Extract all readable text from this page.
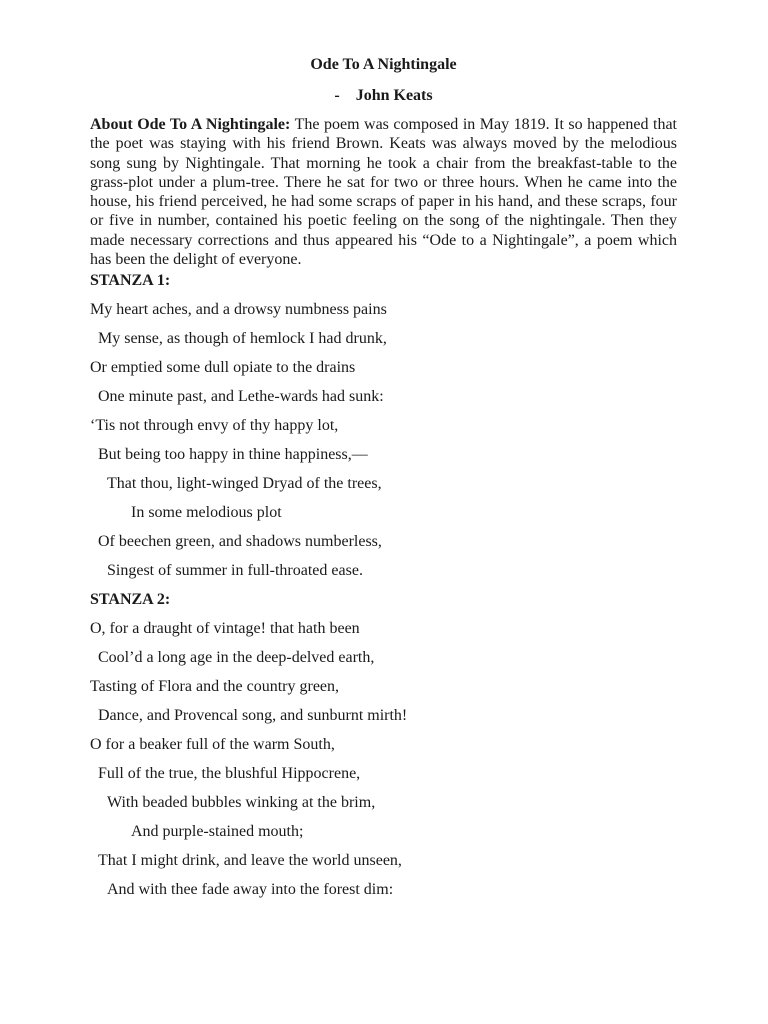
Ode To A Nightingale

- John Keats

About Ode To A Nightingale: The poem was composed in May 1819. It so happened that the poet was staying with his friend Brown. Keats was always moved by the melodious song sung by Nightingale. That morning he took a chair from the breakfast-table to the grass-plot under a plum-tree. There he sat for two or three hours. When he came into the house, his friend perceived, he had some scraps of paper in his hand, and these scraps, four or five in number, contained his poetic feeling on the song of the nightingale. Then they made necessary corrections and thus appeared his “Ode to a Nightingale”, a poem which has been the delight of everyone.

STANZA 1:

My heart aches, and a drowsy numbness pains

My sense, as though of hemlock I had drunk,

Or emptied some dull opiate to the drains

One minute past, and Lethe-wards had sunk:

‘Tis not through envy of thy happy lot,

But being too happy in thine happiness,—

That thou, light-winged Dryad of the trees,

In some melodious plot

Of beechen green, and shadows numberless,

Singest of summer in full-throated ease.

STANZA 2:

O, for a draught of vintage! that hath been

Cool’d a long age in the deep-delved earth,

Tasting of Flora and the country green,

Dance, and Provencal song, and sunburnt mirth!

O for a beaker full of the warm South,

Full of the true, the blushful Hippocrene,

With beaded bubbles winking at the brim,

And purple-stained mouth;

That I might drink, and leave the world unseen,

And with thee fade away into the forest dim:
